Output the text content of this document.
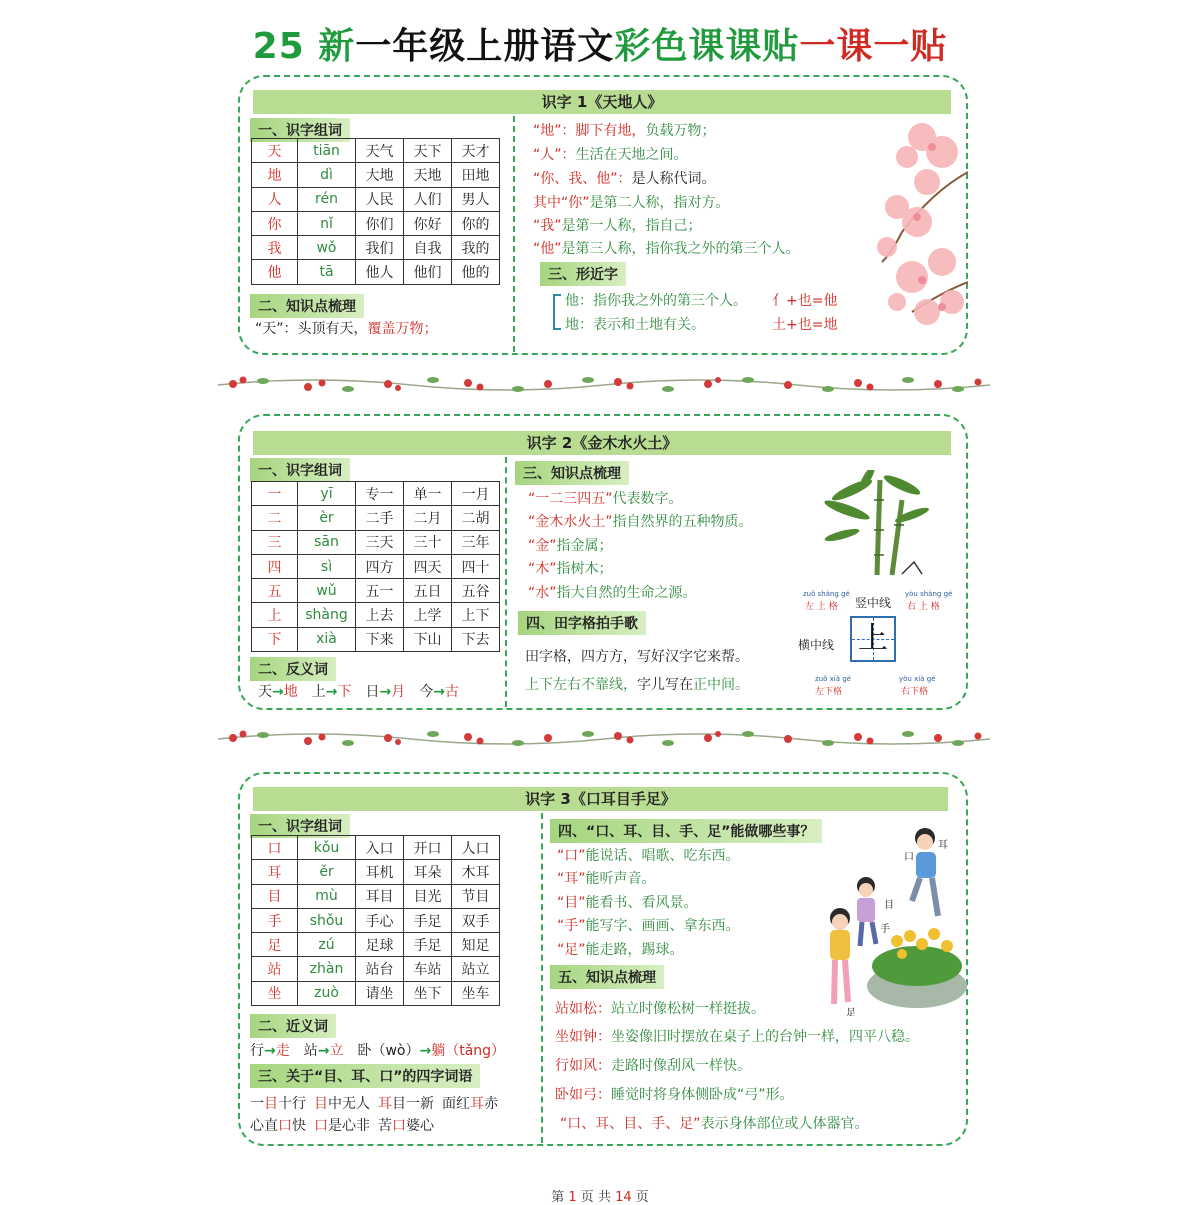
25 新一年级上册语文彩色课课贴一课一贴
识字 1《天地人》
一、识字组词
天	tiān	天气	天下	天才
地	dì	大地	天地	田地
人	rén	人民	人们	男人
你	nǐ	你们	你好	你的
我	wǒ	我们	自我	我的
他	tā	他人	他们	他的
二、知识点梳理
“天”：头顶有天，覆盖万物；
“地”：脚下有地，负载万物；
“人”：生活在天地之间。
“你、我、他”：是人称代词。
其中“你”是第二人称，指对方。
“我”是第一人称，指自己；
“他”是第三人称，指你我之外的第三个人。
三、形近字
他：指你我之外的第三个人。 亻+也=他
地：表示和土地有关。	土+也=地
识字 2《金木水火土》
一、识字组词
一	yī	专一	单一	一月
二	èr	二手	二月	二胡
三	sān	三天	三十	三年
四	sì	四方	四天	四十
五	wǔ	五一	五日	五谷
上	shàng	上去	上学	上下
下	xià	下来	下山	下去
二、反义词
天→地 上→下 日→月 今→古
三、知识点梳理
“一二三四五”代表数字。
“金木水火土”指自然界的五种物质。
“金”指金属；
“木”指树木；
“水”指大自然的生命之源。
四、田字格拍手歌
田字格，四方方，写好汉字它来帮。
上下左右不靠线，字儿写在正中间。
zuǒ shàng gé
左 上 格 竖中线
yòu shàng gé
右 上 格
横中线 上
zuǒ xià gé
左下格
yòu xià gé
右下格
识字 3《口耳目手足》
一、识字组词
口	kǒu	入口	开口	人口
耳	ěr	耳机	耳朵	木耳
目	mù	耳目	目光	节目
手	shǒu	手心	手足	双手
足	zú	足球	手足	知足
站	zhàn	站台	车站	站立
坐	zuò	请坐	坐下	坐车
二、近义词
行→走 站→立 卧（wò）→躺（tǎng）
三、关于“目、耳、口”的四字词语
一目十行 目中无人 耳目一新 面红耳赤
心直口快 口是心非 苦口婆心
四、“口、耳、目、手、足”能做哪些事？
“口”能说话、唱歌、吃东西。
“耳”能听声音。
“目”能看书、看风景。
“手”能写字、画画、拿东西。
“足”能走路，踢球。
五、知识点梳理
站如松：站立时像松树一样挺拔。
坐如钟：坐姿像旧时摆放在桌子上的台钟一样，四平八稳。
行如风：走路时像刮风一样快。
卧如弓：睡觉时将身体侧卧成“弓”形。
“口、耳、目、手、足”表示身体部位或人体器官。
口
耳
目
手
足
第 1 页 共 14 页
